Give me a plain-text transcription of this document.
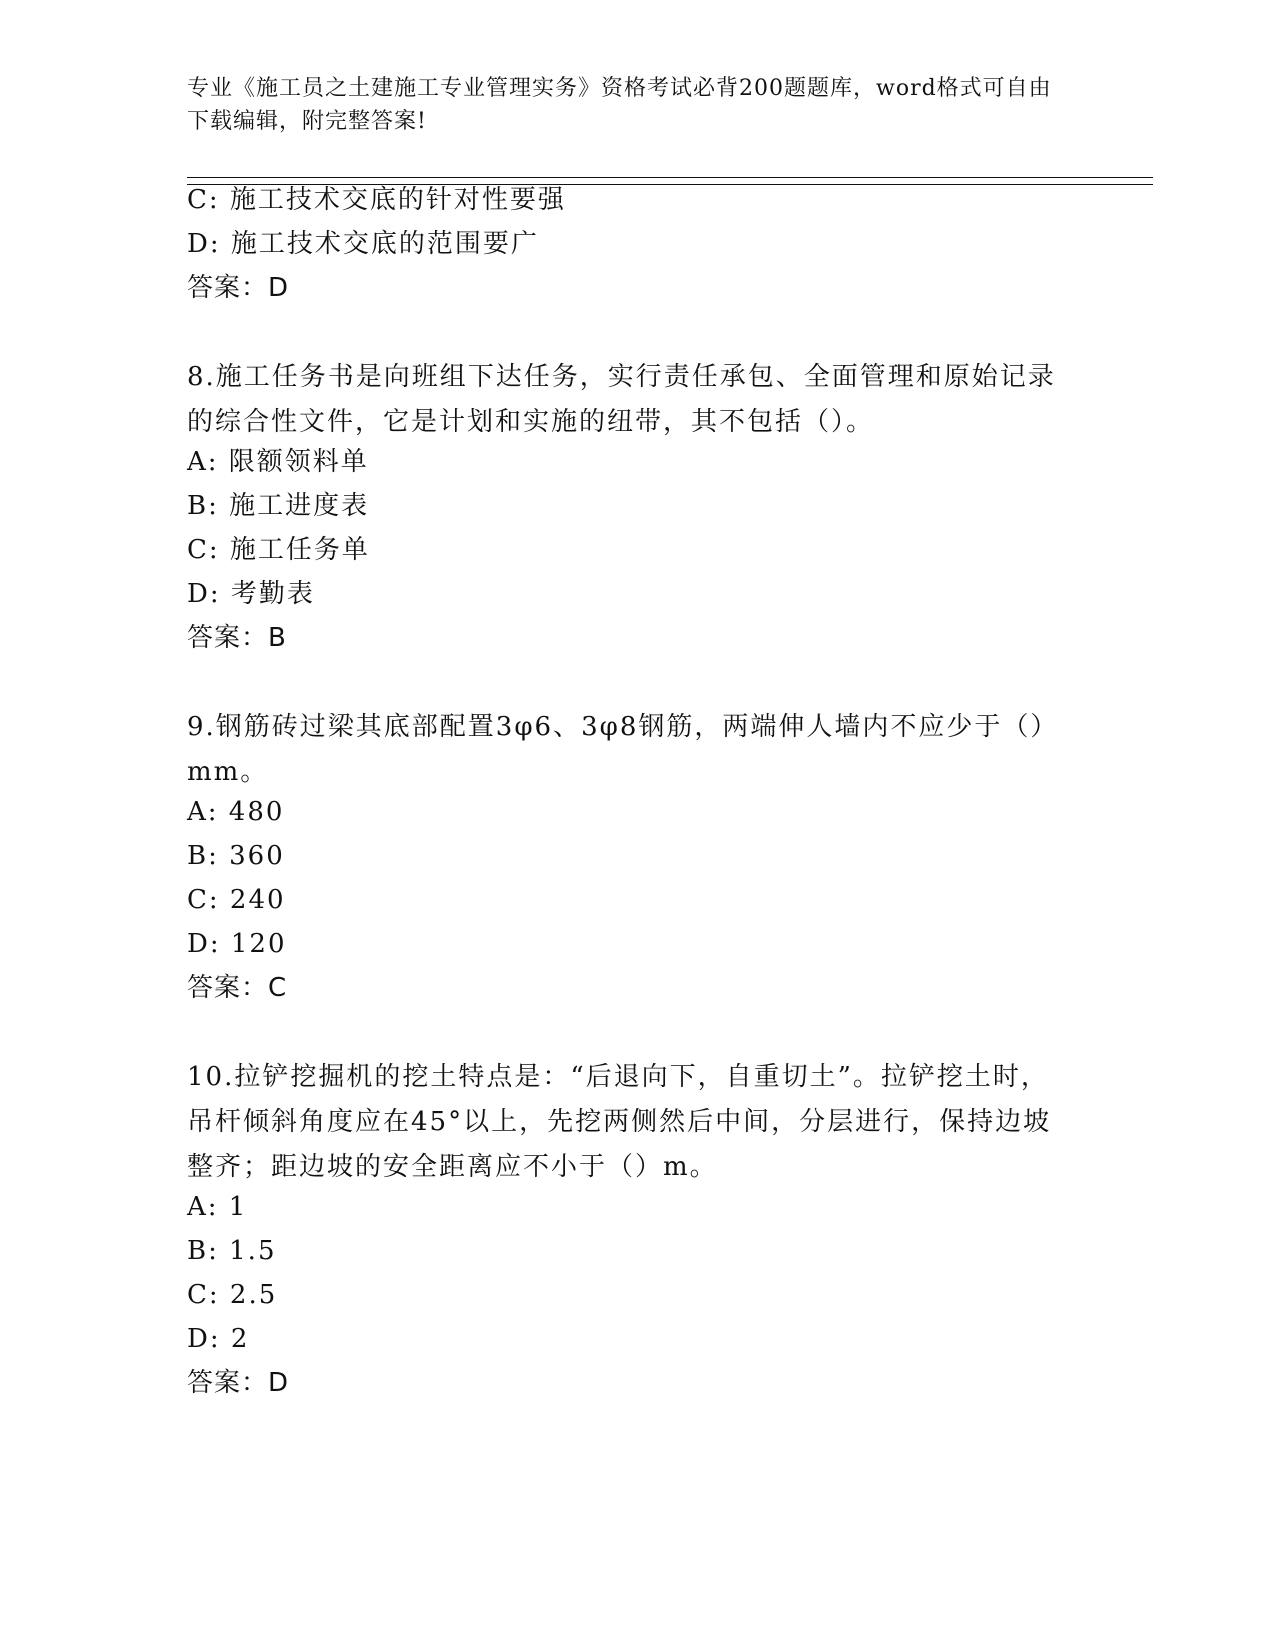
专业《施工员之土建施工专业管理实务》资格考试必背200题题库，word格式可自由下载编辑，附完整答案!
C: 施工技术交底的针对性要强
D: 施工技术交底的范围要广
答案：D
8.施工任务书是向班组下达任务，实行责任承包、全面管理和原始记录的综合性文件，它是计划和实施的纽带，其不包括（）。
A: 限额领料单
B: 施工进度表
C: 施工任务单
D: 考勤表
答案：B
9.钢筋砖过梁其底部配置3φ6、3φ8钢筋，两端伸人墙内不应少于（）mm。
A: 480
B: 360
C: 240
D: 120
答案：C
10.拉铲挖掘机的挖土特点是：“后退向下，自重切土”。拉铲挖土时，吊杆倾斜角度应在45°以上，先挖两侧然后中间，分层进行，保持边坡整齐；距边坡的安全距离应不小于（）m。
A: 1
B: 1.5
C: 2.5
D: 2
答案：D
